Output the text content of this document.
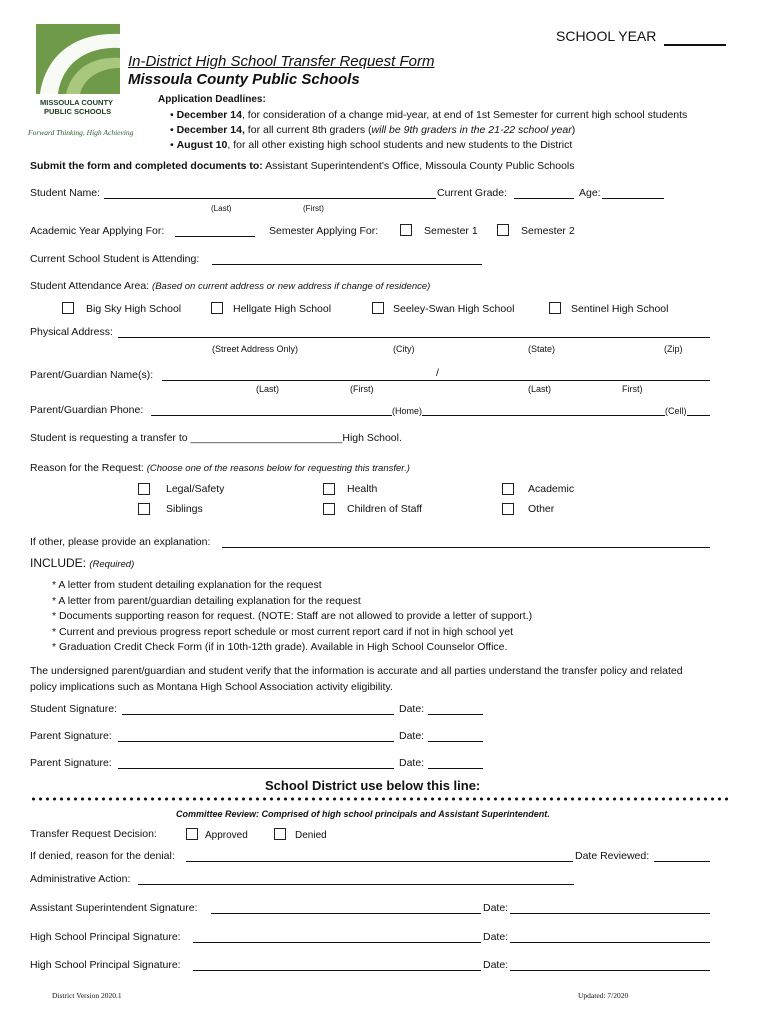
MISSOULA COUNTY
PUBLIC SCHOOLS
Forward Thinking, High Achieving
SCHOOL YEAR
In-District High School Transfer Request Form
Missoula County Public Schools
Application Deadlines:
• December 14, for consideration of a change mid-year, at end of 1st Semester for current high school students
• December 14, for all current 8th graders (will be 9th graders in the 21-22 school year)
• August 10, for all other existing high school students and new students to the District
Submit the form and completed documents to: Assistant Superintendent's Office, Missoula County Public Schools
Student Name:
(Last)	(First)
Current Grade:	Age:
Academic Year Applying For:	Semester Applying For:	Semester 1	Semester 2
Current School Student is Attending:
Student Attendance Area: (Based on current address or new address if change of residence)
Big Sky High School	Hellgate High School	Seeley-Swan High School	Sentinel High School
Physical Address:
(Street Address Only)	(City)	(State)	(Zip)
Parent/Guardian Name(s):	/
(Last)	(First)	(Last)	First)
Parent/Guardian Phone:	(Home)	(Cell)
Student is requesting a transfer to __________________________High School.
Reason for the Request: (Choose one of the reasons below for requesting this transfer.)
Legal/Safety	Health	Academic
Siblings	Children of Staff	Other
If other, please provide an explanation:
INCLUDE: (Required)
* A letter from student detailing explanation for the request
* A letter from parent/guardian detailing explanation for the request
* Documents supporting reason for request. (NOTE: Staff are not allowed to provide a letter of support.)
* Current and previous progress report schedule or most current report card if not in high school yet
* Graduation Credit Check Form (if in 10th-12th grade). Available in High School Counselor Office.
The undersigned parent/guardian and student verify that the information is accurate and all parties understand the transfer policy and related
policy implications such as Montana High School Association activity eligibility.
Student Signature:	Date:
Parent Signature:	Date:
Parent Signature:	Date:
School District use below this line:
Committee Review: Comprised of high school principals and Assistant Superintendent.
Transfer Request Decision:	Approved	Denied
If denied, reason for the denial:	Date Reviewed:
Administrative Action:
Assistant Superintendent Signature:	Date:
High School Principal Signature:	Date:
High School Principal Signature:	Date:
District Version 2020.1	Updated: 7/2020
